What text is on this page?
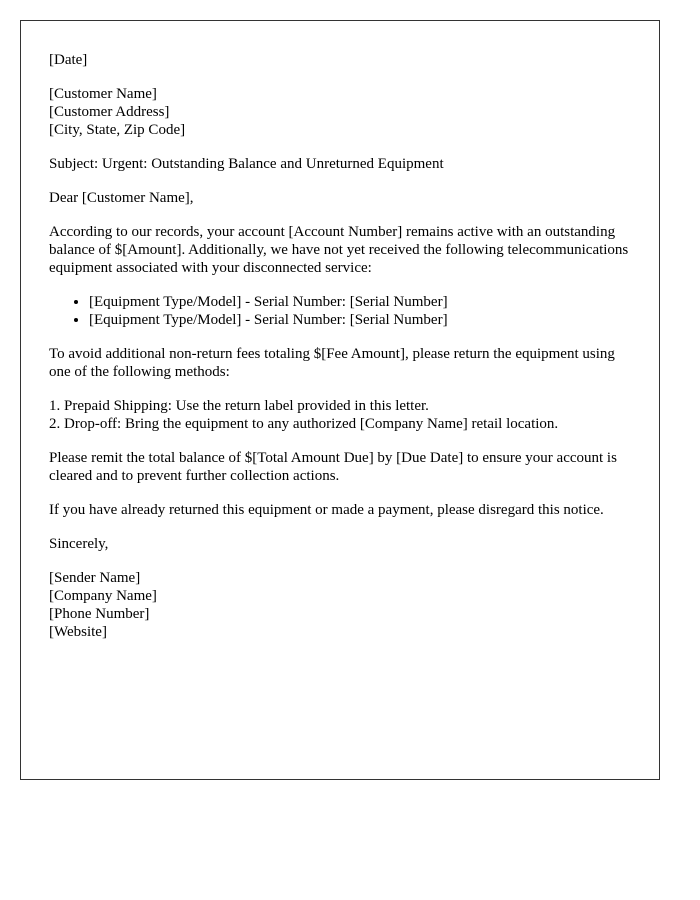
[Date]

[Customer Name]
[Customer Address]
[City, State, Zip Code]

Subject: Urgent: Outstanding Balance and Unreturned Equipment

Dear [Customer Name],

According to our records, your account [Account Number] remains active with an outstanding balance of $[Amount]. Additionally, we have not yet received the following telecommunications equipment associated with your disconnected service:

• [Equipment Type/Model] - Serial Number: [Serial Number]
• [Equipment Type/Model] - Serial Number: [Serial Number]

To avoid additional non-return fees totaling $[Fee Amount], please return the equipment using one of the following methods:

1. Prepaid Shipping: Use the return label provided in this letter.
2. Drop-off: Bring the equipment to any authorized [Company Name] retail location.

Please remit the total balance of $[Total Amount Due] by [Due Date] to ensure your account is cleared and to prevent further collection actions.

If you have already returned this equipment or made a payment, please disregard this notice.

Sincerely,

[Sender Name]
[Company Name]
[Phone Number]
[Website]
